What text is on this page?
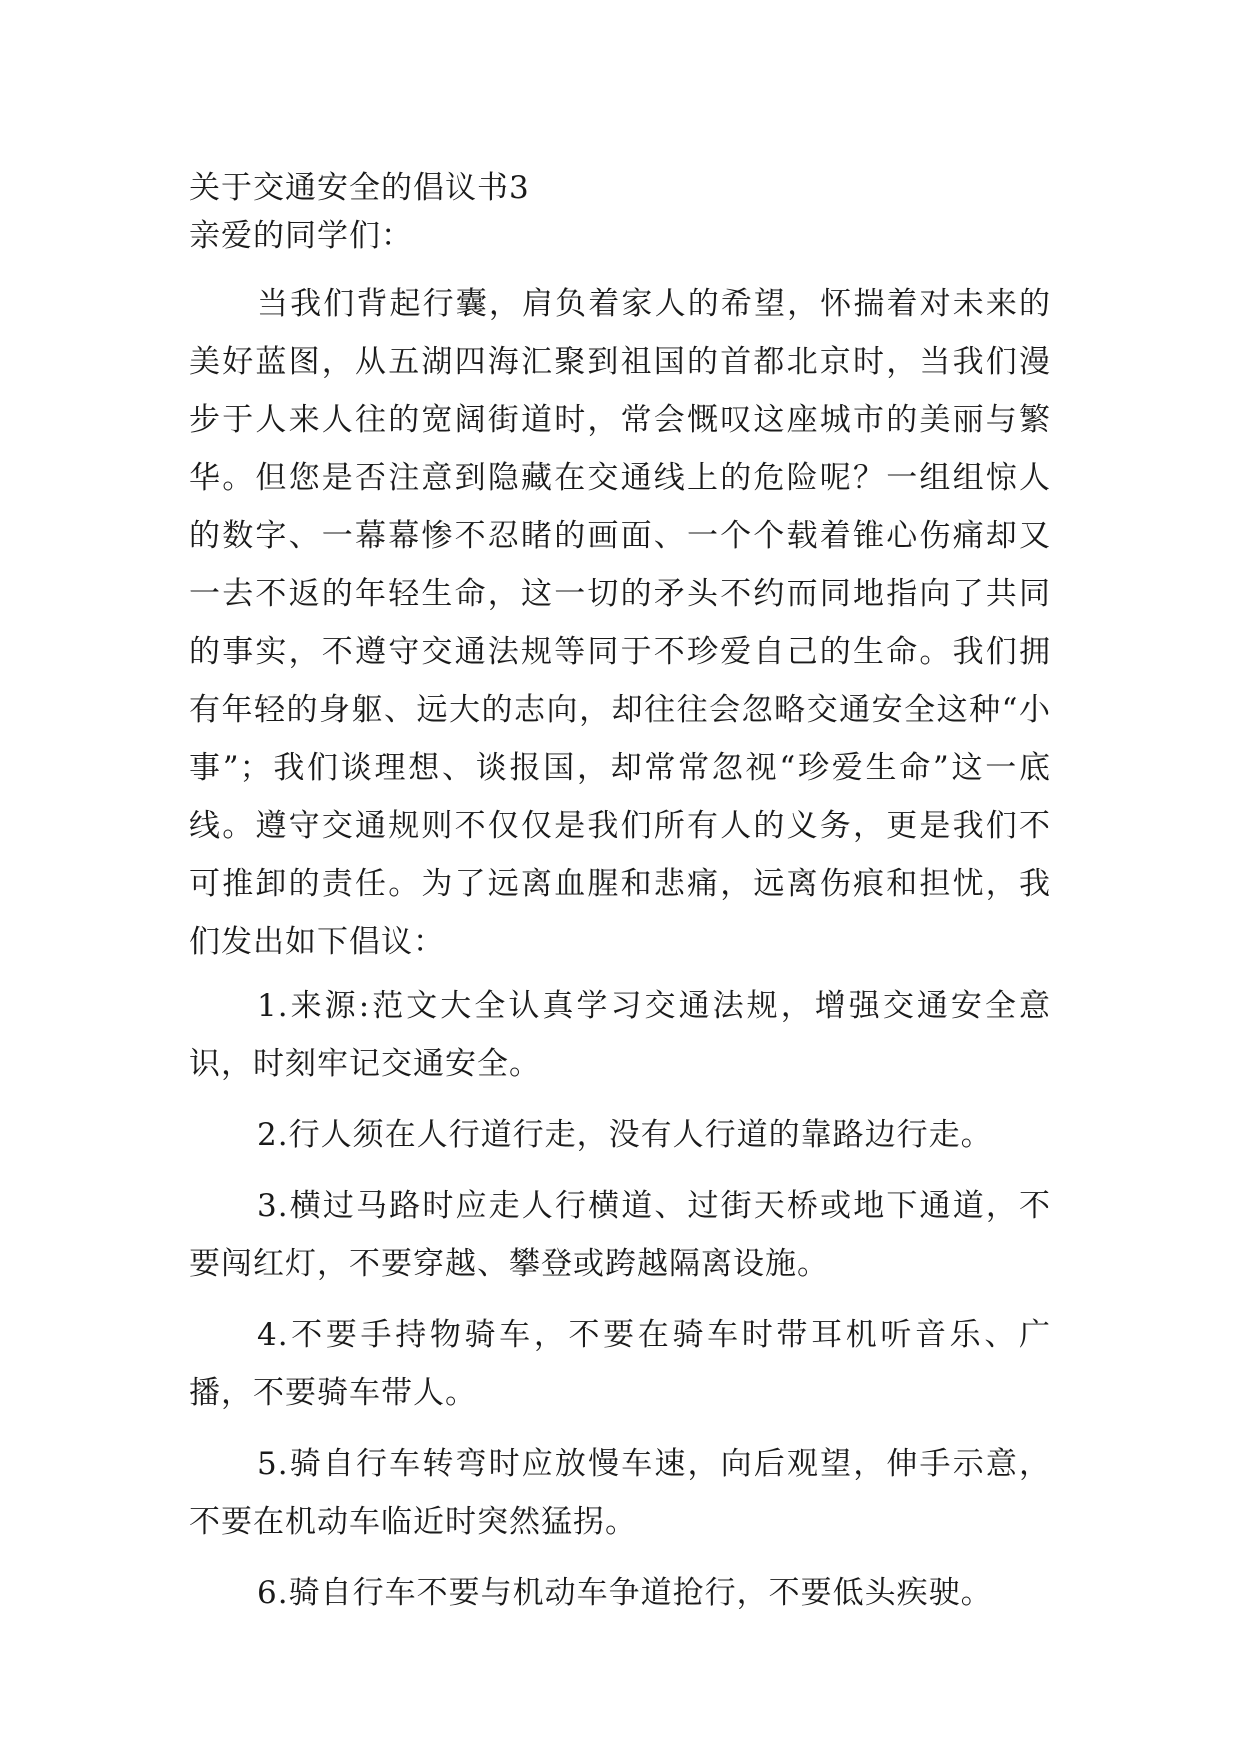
关于交通安全的倡议书3
亲爱的同学们：

当我们背起行囊，肩负着家人的希望，怀揣着对未来的美好蓝图，从五湖四海汇聚到祖国的首都北京时，当我们漫步于人来人往的宽阔街道时，常会慨叹这座城市的美丽与繁华。但您是否注意到隐藏在交通线上的危险呢？一组组惊人的数字、一幕幕惨不忍睹的画面、一个个载着锥心伤痛却又一去不返的年轻生命，这一切的矛头不约而同地指向了共同的事实，不遵守交通法规等同于不珍爱自己的生命。我们拥有年轻的身躯、远大的志向，却往往会忽略交通安全这种“小事”；我们谈理想、谈报国，却常常忽视“珍爱生命”这一底线。遵守交通规则不仅仅是我们所有人的义务，更是我们不可推卸的责任。为了远离血腥和悲痛，远离伤痕和担忧，我们发出如下倡议：

1.来源:范文大全认真学习交通法规，增强交通安全意识，时刻牢记交通安全。

2.行人须在人行道行走，没有人行道的靠路边行走。

3.横过马路时应走人行横道、过街天桥或地下通道，不要闯红灯，不要穿越、攀登或跨越隔离设施。

4.不要手持物骑车，不要在骑车时带耳机听音乐、广播，不要骑车带人。

5.骑自行车转弯时应放慢车速，向后观望，伸手示意，不要在机动车临近时突然猛拐。

6.骑自行车不要与机动车争道抢行，不要低头疾驶。
